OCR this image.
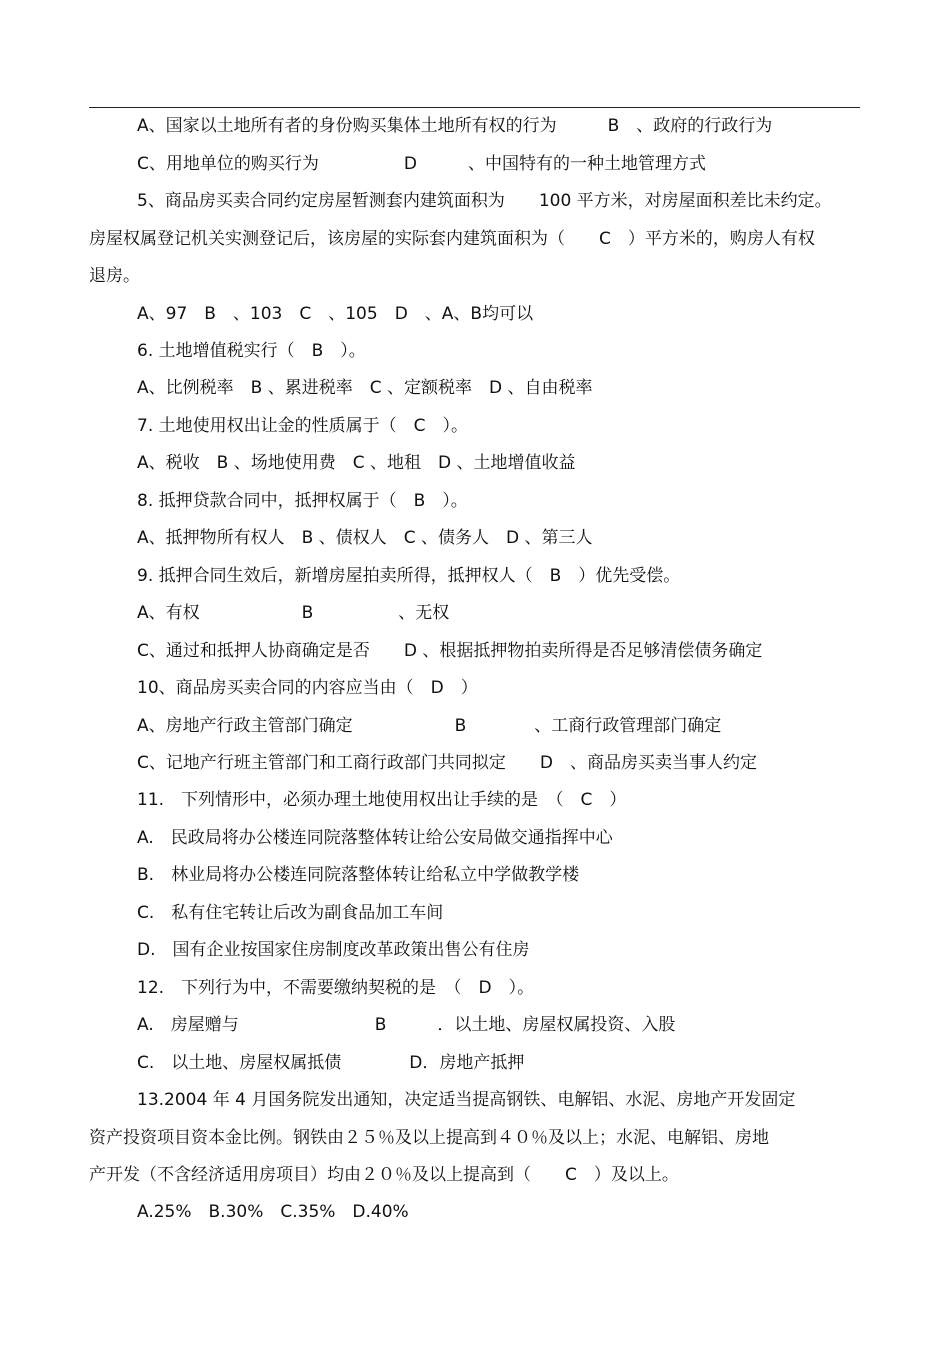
A、国家以土地所有者的身份购买集体土地所有权的行为　　　B　、政府的行政行为
C、用地单位的购买行为　　　　　D　　　、中国特有的一种土地管理方式
5、商品房买卖合同约定房屋暂测套内建筑面积为　　100 平方米，对房屋面积差比未约定。
房屋权属登记机关实测登记后，该房屋的实际套内建筑面积为（　　C　）平方米的，购房人有权
退房。
A、97　B　、103　C　、105　D　、A、B均可以
6. 土地增值税实行（　B　）。
A、比例税率　B 、累进税率　C 、定额税率　D 、自由税率
7. 土地使用权出让金的性质属于（　C　）。
A、税收　B 、场地使用费　C 、地租　D 、土地增值收益
8. 抵押贷款合同中，抵押权属于（　B　）。
A、抵押物所有权人　B 、债权人　C 、债务人　D 、第三人
9. 抵押合同生效后，新增房屋拍卖所得，抵押权人（　B　）优先受偿。
A、有权　　　　　　B　　　　　、无权
C、通过和抵押人协商确定是否　　D 、根据抵押物拍卖所得是否足够清偿债务确定
10、商品房买卖合同的内容应当由（　D　）
A、房地产行政主管部门确定　　　　　　B　　　　、工商行政管理部门确定
C、记地产行班主管部门和工商行政部门共同拟定　　D　、商品房买卖当事人约定
11.　下列情形中，必须办理土地使用权出让手续的是　（　C　）
A.　民政局将办公楼连同院落整体转让给公安局做交通指挥中心
B.　林业局将办公楼连同院落整体转让给私立中学做教学楼
C.　私有住宅转让后改为副食品加工车间
D.　国有企业按国家住房制度改革政策出售公有住房
12.　下列行为中，不需要缴纳契税的是　（　D　）。
A.　房屋赠与　　　　　　　　B　　　．以土地、房屋权属投资、入股
C.　以土地、房屋权属抵债　　　　D．房地产抵押
13.2004 年 4 月国务院发出通知，决定适当提高钢铁、电解铝、水泥、房地产开发固定
资产投资项目资本金比例。钢铁由２５％及以上提高到４０％及以上；水泥、电解铝、房地
产开发（不含经济适用房项目）均由２０％及以上提高到（　　C　）及以上。
A.25%　B.30%　C.35%　D.40%
